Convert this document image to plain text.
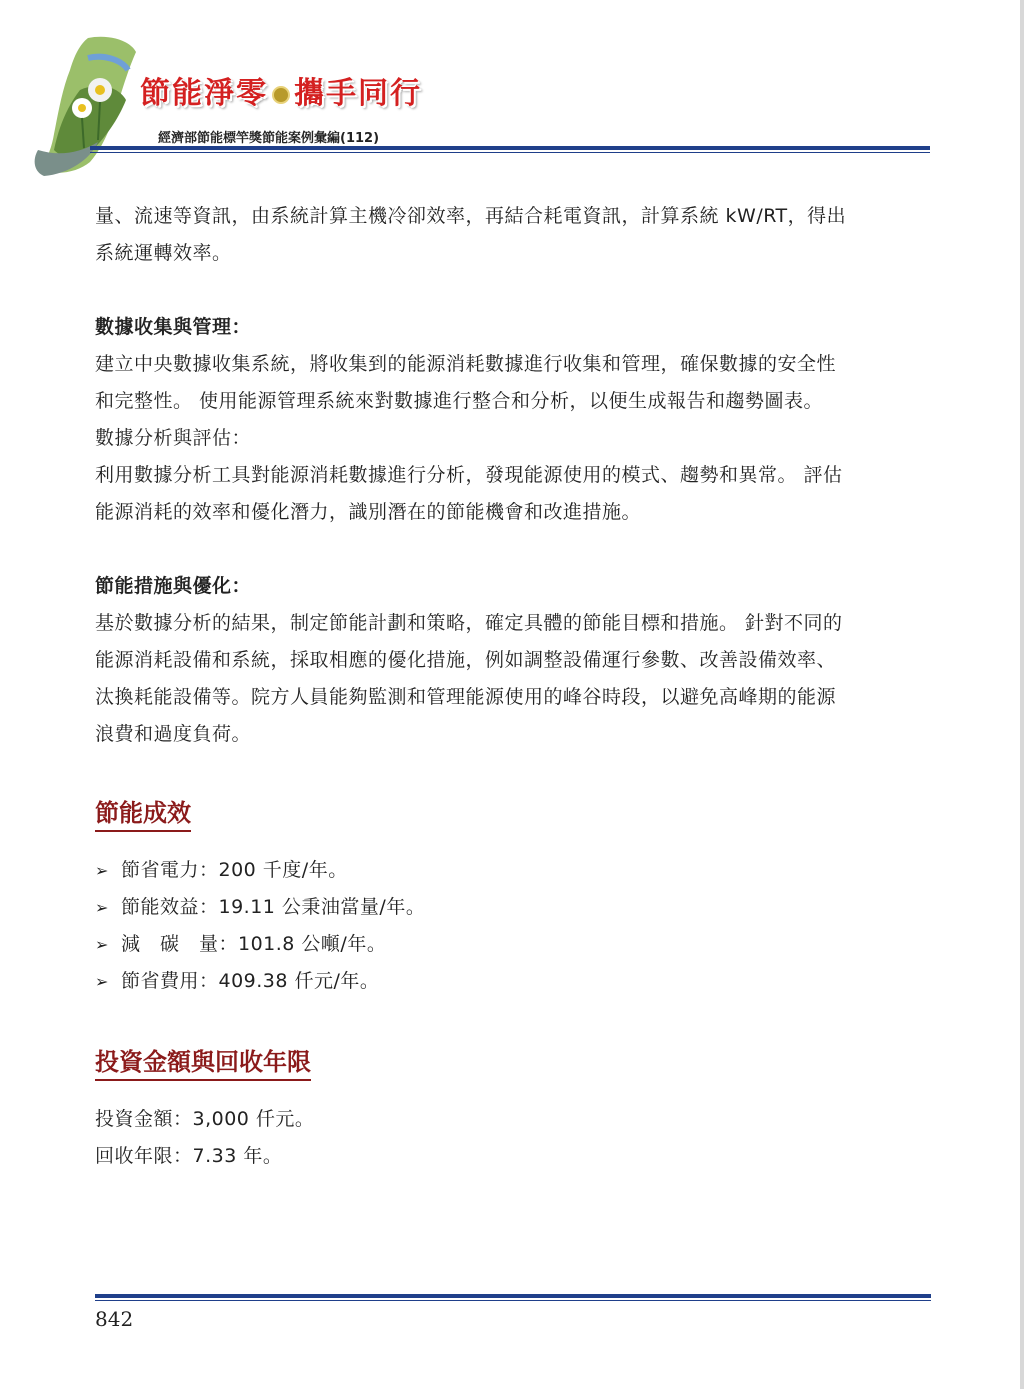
節能淨零 攜手同行
經濟部節能標竿獎節能案例彙編(112)

量、流速等資訊，由系統計算主機冷卻效率，再結合耗電資訊，計算系統 kW/RT，得出

系統運轉效率。

數據收集與管理：

建立中央數據收集系統，將收集到的能源消耗數據進行收集和管理，確保數據的安全性

和完整性。 使用能源管理系統來對數據進行整合和分析，以便生成報告和趨勢圖表。

數據分析與評估：

利用數據分析工具對能源消耗數據進行分析，發現能源使用的模式、趨勢和異常。 評估

能源消耗的效率和優化潛力，識別潛在的節能機會和改進措施。

節能措施與優化：

基於數據分析的結果，制定節能計劃和策略，確定具體的節能目標和措施。 針對不同的

能源消耗設備和系統，採取相應的優化措施，例如調整設備運行參數、改善設備效率、

汰換耗能設備等。院方人員能夠監測和管理能源使用的峰谷時段，以避免高峰期的能源

浪費和過度負荷。

節能成效
➢ 節省電力：200 千度/年。
➢ 節能效益：19.11 公秉油當量/年。
➢ 減　碳　量：101.8 公噸/年。
➢ 節省費用：409.38 仟元/年。
投資金額與回收年限

投資金額：3,000 仟元。

回收年限：7.33 年。

842
